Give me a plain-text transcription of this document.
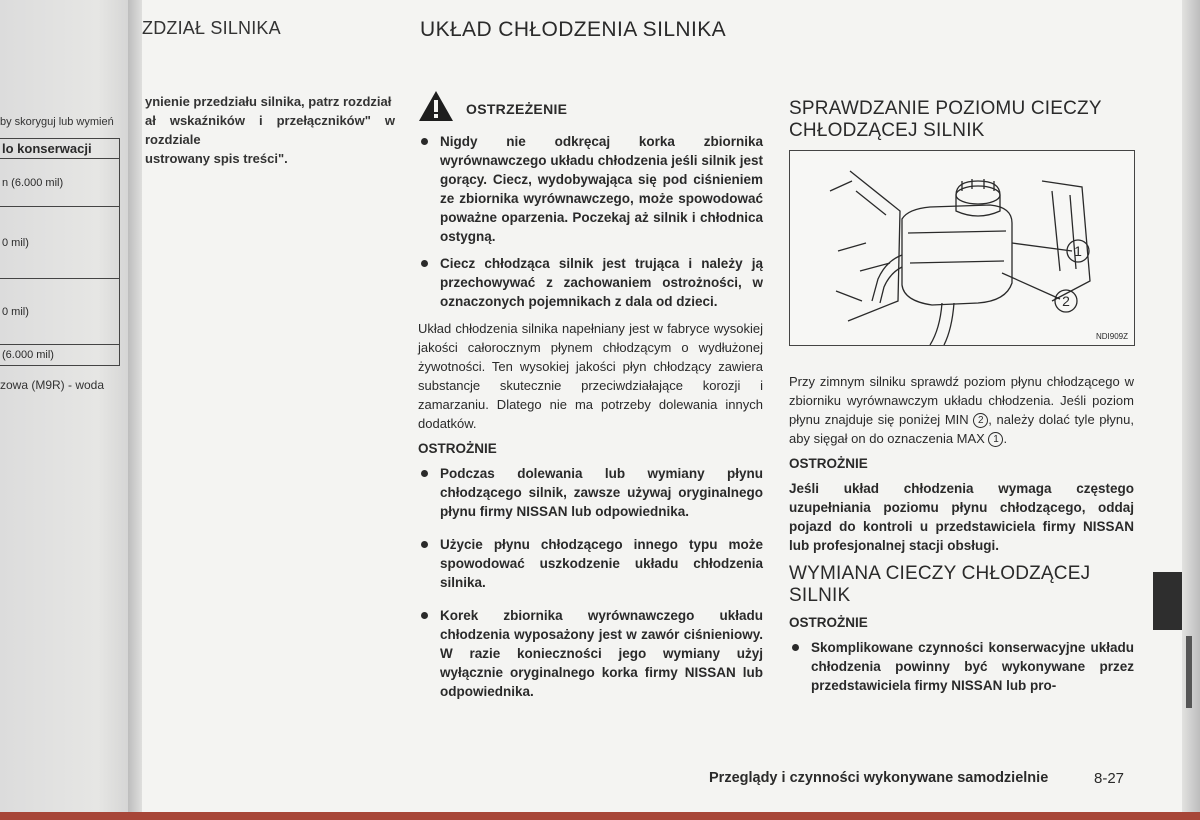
ZDZIAŁ SILNIKA
by skoryguj lub wymień
lo konserwacji
n (6.000 mil)
0 mil)
0 mil)
(6.000 mil)
zowa (M9R) - woda
ynienie przedziału silnika, patrz rozdział
ał wskaźników i przełączników" w rozdziale
ustrowany spis treści".
UKŁAD CHŁODZENIA SILNIKA
OSTRZEŻENIE
Nigdy nie odkręcaj korka zbiornika wyrównawczego układu chłodzenia jeśli silnik jest gorący. Ciecz, wydobywająca się pod ciśnieniem ze zbiornika wyrównawczego, może spowodować poważne oparzenia. Poczekaj aż silnik i chłodnica ostygną.
Ciecz chłodząca silnik jest trująca i należy ją przechowywać z zachowaniem ostrożności, w oznaczonych pojemnikach z dala od dzieci.

Układ chłodzenia silnika napełniany jest w fabryce wysokiej jakości całorocznym płynem chłodzącym o wydłużonej żywotności. Ten wysokiej jakości płyn chłodzący zawiera substancje skutecznie przeciwdziałające korozji i zamarzaniu. Dlatego nie ma potrzeby dolewania innych dodatków.

OSTROŻNIE
Podczas dolewania lub wymiany płynu chłodzącego silnik, zawsze używaj oryginalnego płynu firmy NISSAN lub odpowiednika.
Użycie płynu chłodzącego innego typu może spowodować uszkodzenie układu chłodzenia silnika.
Korek zbiornika wyrównawczego układu chłodzenia wyposażony jest w zawór ciśnieniowy. W razie konieczności jego wymiany użyj wyłącznie oryginalnego korka firmy NISSAN lub odpowiednika.
SPRAWDZANIE POZIOMU CIECZY
CHŁODZĄCEJ SILNIK
1
2
NDI909Z

Przy zimnym silniku sprawdź poziom płynu chłodzącego w zbiorniku wyrównawczym układu chłodzenia. Jeśli poziom płynu znajduje się poniżej MIN 2 , należy dolać tyle płynu, aby sięgał on do oznaczenia MAX 1 .

OSTROŻNIE

Jeśli układ chłodzenia wymaga częstego uzupełniania poziomu płynu chłodzącego, oddaj pojazd do kontroli u przedstawiciela firmy NISSAN lub profesjonalnej stacji obsługi.

WYMIANA CIECZY CHŁODZĄCEJ
SILNIK
OSTROŻNIE
Skomplikowane czynności konserwacyjne układu chłodzenia powinny być wykonywane przez przedstawiciela firmy NISSAN lub pro-
Przeglądy i czynności wykonywane samodzielnie	8-27
